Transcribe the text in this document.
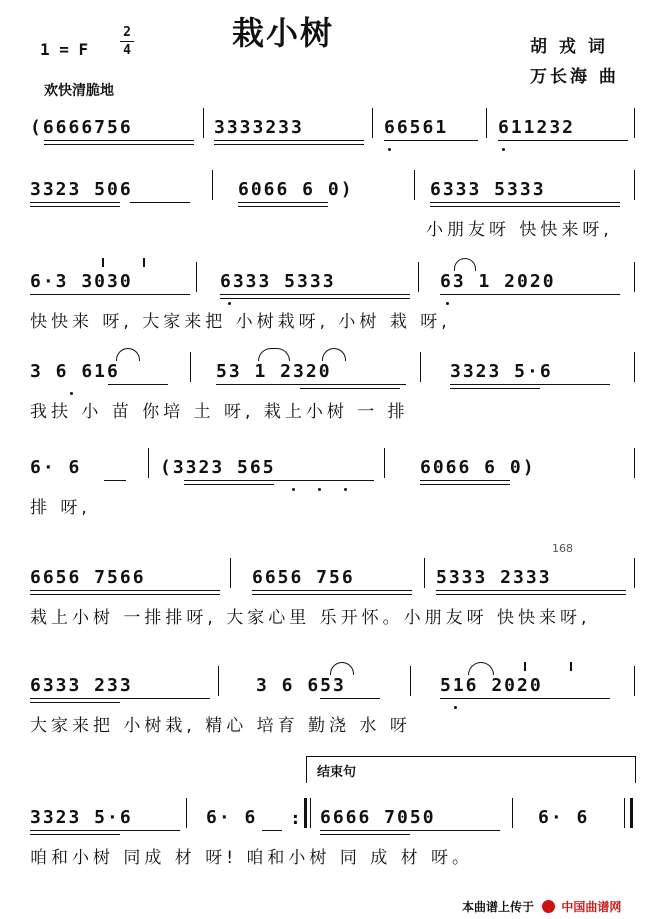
栽小树
1 = F
2
4
欢快清脆地
胡 戎 词
万长海 曲
(6666756	3333233	66561	611232
3323 506	6066 6 0)	6333 5333
小朋友呀 快快来呀,
6·3 3030	6333 5333	63 1 2020
快快来 呀, 大家来把 小树栽呀, 小树 栽 呀,
3 6 616	53 1 2320	3323 5·6
我扶 小 苗 你培 土 呀, 栽上小树 一 排
6· 6	(3323 565	6066 6 0)
排 呀,
168
6656 7566	6656 756	5333 2333
栽上小树 一排排呀, 大家心里 乐开怀。小朋友呀 快快来呀,
6333 233	3 6 653	516 2020
大家来把 小树栽, 精心 培育 勤浇 水 呀
结束句
3323 5·6	6· 6 : 6666 7050	6· 6
咱和小树 同成 材 呀! 咱和小树 同 成 材 呀。
本曲谱上传于 中国曲谱网
